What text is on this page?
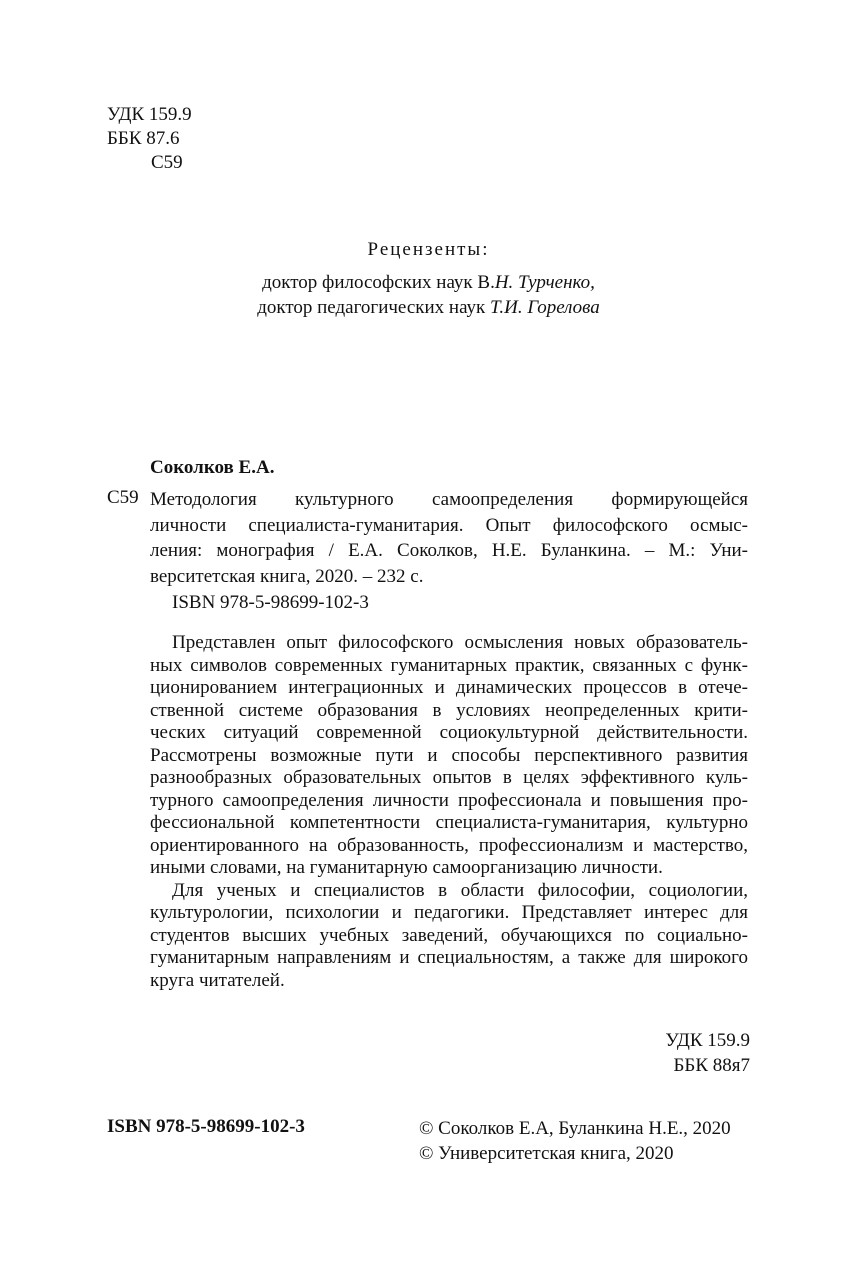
УДК 159.9
ББК 87.6
С59
Рецензенты:
доктор философских наук В.Н. Турченко,
доктор педагогических наук Т.И. Горелова
Соколков Е.А.
С59 Методология культурного самоопределения формирующейся
личности специалиста-гуманитария. Опыт философского осмыс-
ления: монография / Е.А. Соколков, Н.Е. Буланкина. – М.: Уни-
верситетская книга, 2020. – 232 с.
ISBN 978-5-98699-102-3
Представлен опыт философского осмысления новых образователь-
ных символов современных гуманитарных практик, связанных с функ-
ционированием интеграционных и динамических процессов в отече-
ственной системе образования в условиях неопределенных крити-
ческих ситуаций современной социокультурной действительности.
Рассмотрены возможные пути и способы перспективного развития
разнообразных образовательных опытов в целях эффективного куль-
турного самоопределения личности профессионала и повышения про-
фессиональной компетентности специалиста-гуманитария, культурно
ориентированного на образованность, профессионализм и мастерство,
иными словами, на гуманитарную самоорганизацию личности.
Для ученых и специалистов в области философии, социологии,
культурологии, психологии и педагогики. Представляет интерес для
студентов высших учебных заведений, обучающихся по социально-
гуманитарным направлениям и специальностям, а также для широкого
круга читателей.
УДК 159.9
ББК 88я7
ISBN 978-5-98699-102-3	© Соколков Е.А, Буланкина Н.Е., 2020
© Университетская книга, 2020
